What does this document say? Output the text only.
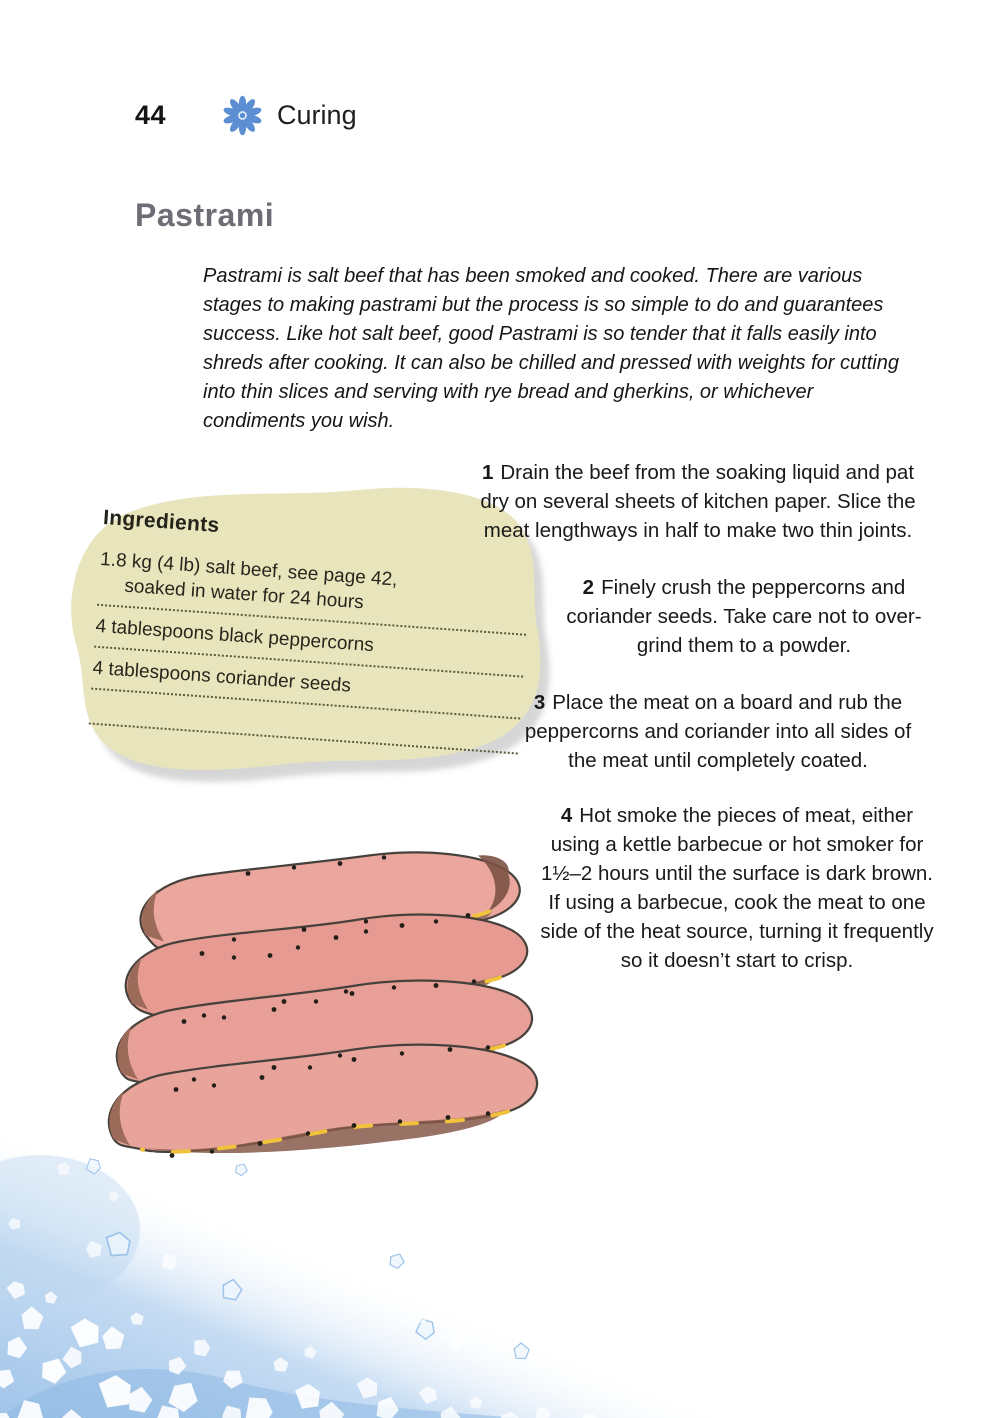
44	Curing
Pastrami

Pastrami is salt beef that has been smoked and cooked. There are various stages to making pastrami but the process is so simple to do and guarantees success. Like hot salt beef, good Pastrami is so tender that it falls easily into shreds after cooking. It can also be chilled and pressed with weights for cutting into thin slices and serving with rye bread and gherkins, or whichever condiments you wish.

Ingredients
1.8 kg (4 lb) salt beef, see page 42,
soaked in water for 24 hours
4 tablespoons black peppercorns
4 tablespoons coriander seeds

1 Drain the beef from the soaking liquid and pat dry on several sheets of kitchen paper. Slice the meat lengthways in half to make two thin joints.

2 Finely crush the peppercorns and coriander seeds. Take care not to over-grind them to a powder.

3 Place the meat on a board and rub the peppercorns and coriander into all sides of the meat until completely coated.

4 Hot smoke the pieces of meat, either using a kettle barbecue or hot smoker for 1½–2 hours until the surface is dark brown. If using a barbecue, cook the meat to one side of the heat source, turning it frequently so it doesn’t start to crisp.
